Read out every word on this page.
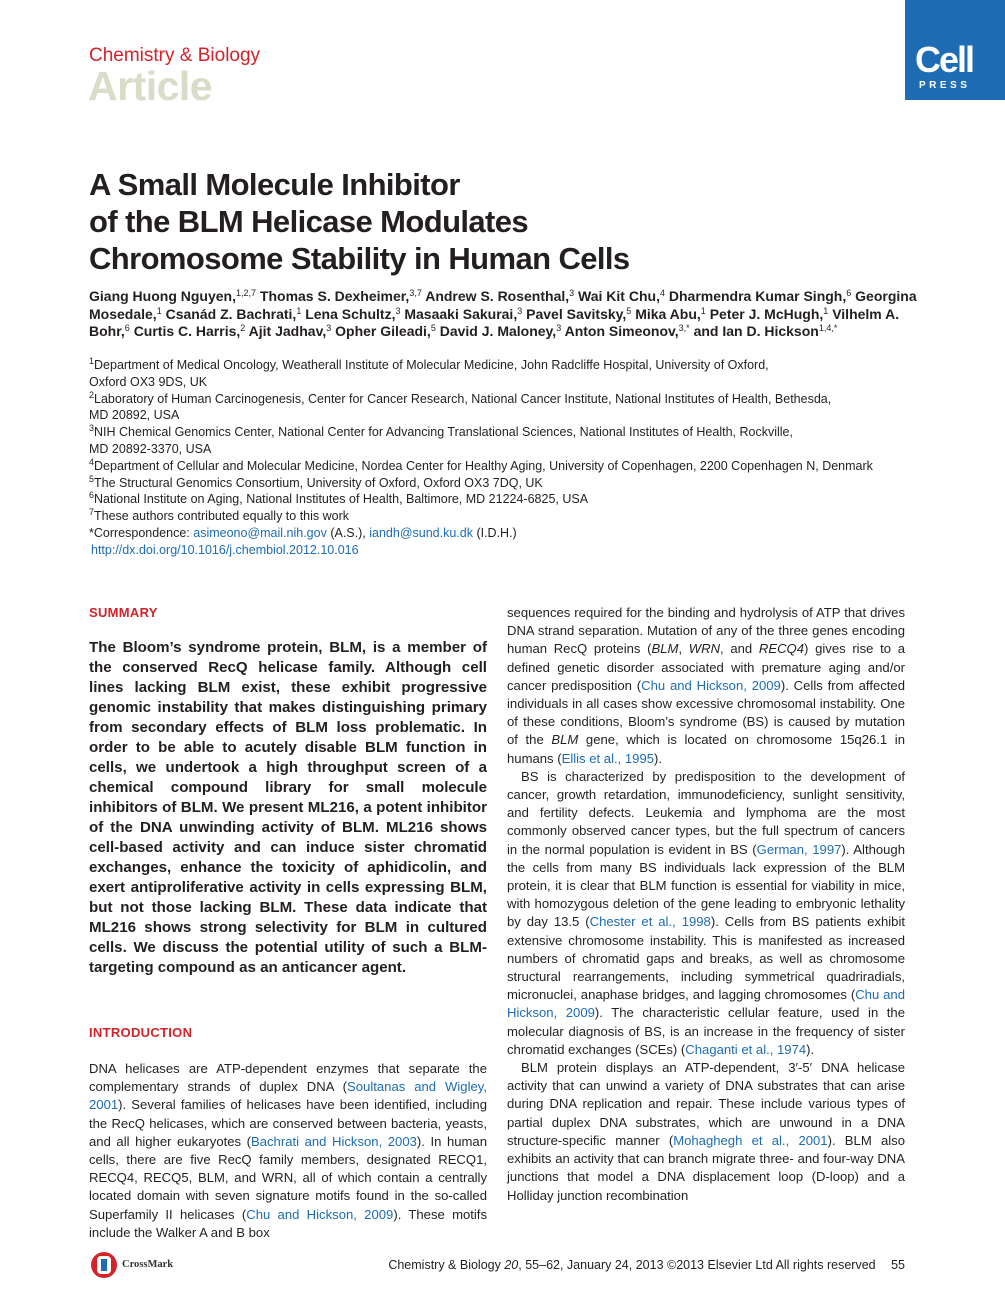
Chemistry & Biology
Article
Cell
PRESS
A Small Molecule Inhibitor
of the BLM Helicase Modulates
Chromosome Stability in Human Cells
Giang Huong Nguyen,$^{1,2,7}$ Thomas S. Dexheimer,$^{3,7}$ Andrew S. Rosenthal,$^3$ Wai Kit Chu,$^4$ Dharmendra Kumar Singh,$^6$ Georgina Mosedale,$^1$ Csanád Z. Bachrati,$^1$ Lena Schultz,$^3$ Masaaki Sakurai,$^3$ Pavel Savitsky,$^5$ Mika Abu,$^1$ Peter J. McHugh,$^1$ Vilhelm A. Bohr,$^6$ Curtis C. Harris,$^2$ Ajit Jadhav,$^3$ Opher Gileadi,$^5$ David J. Maloney,$^3$ Anton Simeonov,$^{3,*}$ and Ian D. Hickson$^{1,4,*}$
$^1$Department of Medical Oncology, Weatherall Institute of Molecular Medicine, John Radcliffe Hospital, University of Oxford,
Oxford OX3 9DS, UK
$^2$Laboratory of Human Carcinogenesis, Center for Cancer Research, National Cancer Institute, National Institutes of Health, Bethesda,
MD 20892, USA
$^3$NIH Chemical Genomics Center, National Center for Advancing Translational Sciences, National Institutes of Health, Rockville,
MD 20892-3370, USA
$^4$Department of Cellular and Molecular Medicine, Nordea Center for Healthy Aging, University of Copenhagen, 2200 Copenhagen N, Denmark
$^5$The Structural Genomics Consortium, University of Oxford, Oxford OX3 7DQ, UK
$^6$National Institute on Aging, National Institutes of Health, Baltimore, MD 21224-6825, USA
$^7$These authors contributed equally to this work
*Correspondence: asimeono@mail.nih.gov (A.S.), iandh@sund.ku.dk (I.D.H.)
http://dx.doi.org/10.1016/j.chembiol.2012.10.016
SUMMARY
The Bloom’s syndrome protein, BLM, is a member of the conserved RecQ helicase family. Although cell lines lacking BLM exist, these exhibit progressive genomic instability that makes distinguishing primary from secondary effects of BLM loss problematic. In order to be able to acutely disable BLM function in cells, we undertook a high throughput screen of a chemical compound library for small molecule inhibitors of BLM. We present ML216, a potent inhibitor of the DNA unwinding activity of BLM. ML216 shows cell-based activity and can induce sister chromatid exchanges, enhance the toxicity of aphidicolin, and exert antiproliferative activity in cells expressing BLM, but not those lacking BLM. These data indicate that ML216 shows strong selectivity for BLM in cultured cells. We discuss the potential utility of such a BLM-targeting compound as an anticancer agent.
INTRODUCTION
DNA helicases are ATP-dependent enzymes that separate the complementary strands of duplex DNA (Soultanas and Wigley, 2001). Several families of helicases have been identified, including the RecQ helicases, which are conserved between bacteria, yeasts, and all higher eukaryotes (Bachrati and Hickson, 2003). In human cells, there are five RecQ family members, designated RECQ1, RECQ4, RECQ5, BLM, and WRN, all of which contain a centrally located domain with seven signature motifs found in the so-called Superfamily II helicases (Chu and Hickson, 2009). These motifs include the Walker A and B box

sequences required for the binding and hydrolysis of ATP that drives DNA strand separation. Mutation of any of the three genes encoding human RecQ proteins (BLM, WRN, and RECQ4) gives rise to a defined genetic disorder associated with premature aging and/or cancer predisposition (Chu and Hickson, 2009). Cells from affected individuals in all cases show excessive chromosomal instability. One of these conditions, Bloom’s syndrome (BS) is caused by mutation of the BLM gene, which is located on chromosome 15q26.1 in humans (Ellis et al., 1995).

BS is characterized by predisposition to the development of cancer, growth retardation, immunodeficiency, sunlight sensitivity, and fertility defects. Leukemia and lymphoma are the most commonly observed cancer types, but the full spectrum of cancers in the normal population is evident in BS (German, 1997). Although the cells from many BS individuals lack expression of the BLM protein, it is clear that BLM function is essential for viability in mice, with homozygous deletion of the gene leading to embryonic lethality by day 13.5 (Chester et al., 1998). Cells from BS patients exhibit extensive chromosome instability. This is manifested as increased numbers of chromatid gaps and breaks, as well as chromosome structural rearrangements, including symmetrical quadriradials, micronuclei, anaphase bridges, and lagging chromosomes (Chu and Hickson, 2009). The characteristic cellular feature, used in the molecular diagnosis of BS, is an increase in the frequency of sister chromatid exchanges (SCEs) (Chaganti et al., 1974).

BLM protein displays an ATP-dependent, 3′-5′ DNA helicase activity that can unwind a variety of DNA substrates that can arise during DNA replication and repair. These include various types of partial duplex DNA substrates, which are unwound in a DNA structure-specific manner (Mohaghegh et al., 2001). BLM also exhibits an activity that can branch migrate three- and four-way DNA junctions that model a DNA displacement loop (D-loop) and a Holliday junction recombination

CrossMark	Chemistry & Biology 20, 55–62, January 24, 2013 ©2013 Elsevier Ltd All rights reserved 55
